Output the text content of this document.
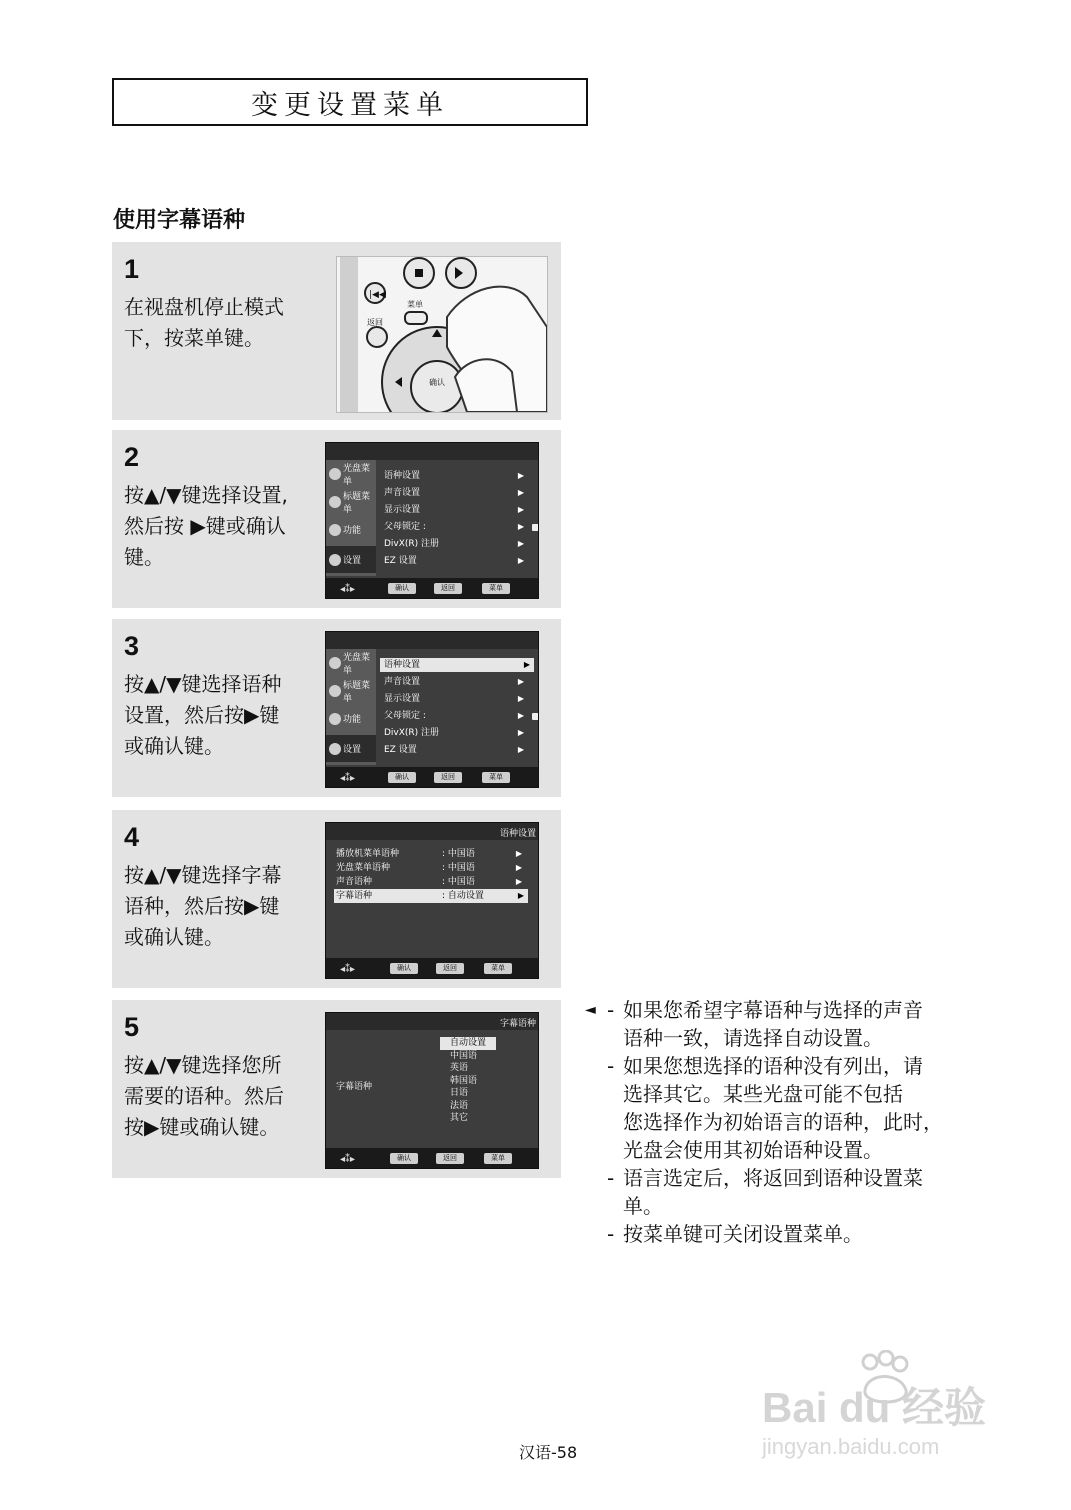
变更设置菜单
使用字幕语种
1
在视盘机停止模式
下，按菜单键。
|◀◀
菜单
返回
确认
2
按▲/▼键选择设置,
然后按 ▶键或确认
键。
光盘菜单
标题菜单
功能
设置
语种设置	▶
声音设置	▶
显示设置	▶
父母锁定 :	▶
DivX(R) 注册	▶
EZ 设置	▶
◂⁑▸	确认	返回	菜单
3
按▲/▼键选择语种
设置，然后按▶键
或确认键。
光盘菜单
标题菜单
功能
设置
语种设置	▶
声音设置	▶
显示设置	▶
父母锁定 :	▶
DivX(R) 注册	▶
EZ 设置	▶
◂⁑▸	确认	返回	菜单
4
按▲/▼键选择字幕
语种，然后按▶键
或确认键。
语种设置
播放机菜单语种	: 中国语	▶
光盘菜单语种	: 中国语	▶
声音语种	: 中国语	▶
字幕语种	: 自动设置	▶
◂⁑▸	确认	返回	菜单
5
按▲/▼键选择您所
需要的语种。然后
按▶键或确认键。
字幕语种
字幕语种
自动设置
中国语
英语
韩国语
日语
法语
其它
◂⁑▸	确认	返回	菜单
◄ - 如果您希望字幕语种与选择的声音
语种一致，请选择自动设置。
- 如果您想选择的语种没有列出，请
选择其它。某些光盘可能不包括
您选择作为初始语言的语种，此时，
光盘会使用其初始语种设置。
- 语言选定后，将返回到语种设置菜
单。
- 按菜单键可关闭设置菜单。
汉语-58
Bai du 经验
jingyan.baidu.com
